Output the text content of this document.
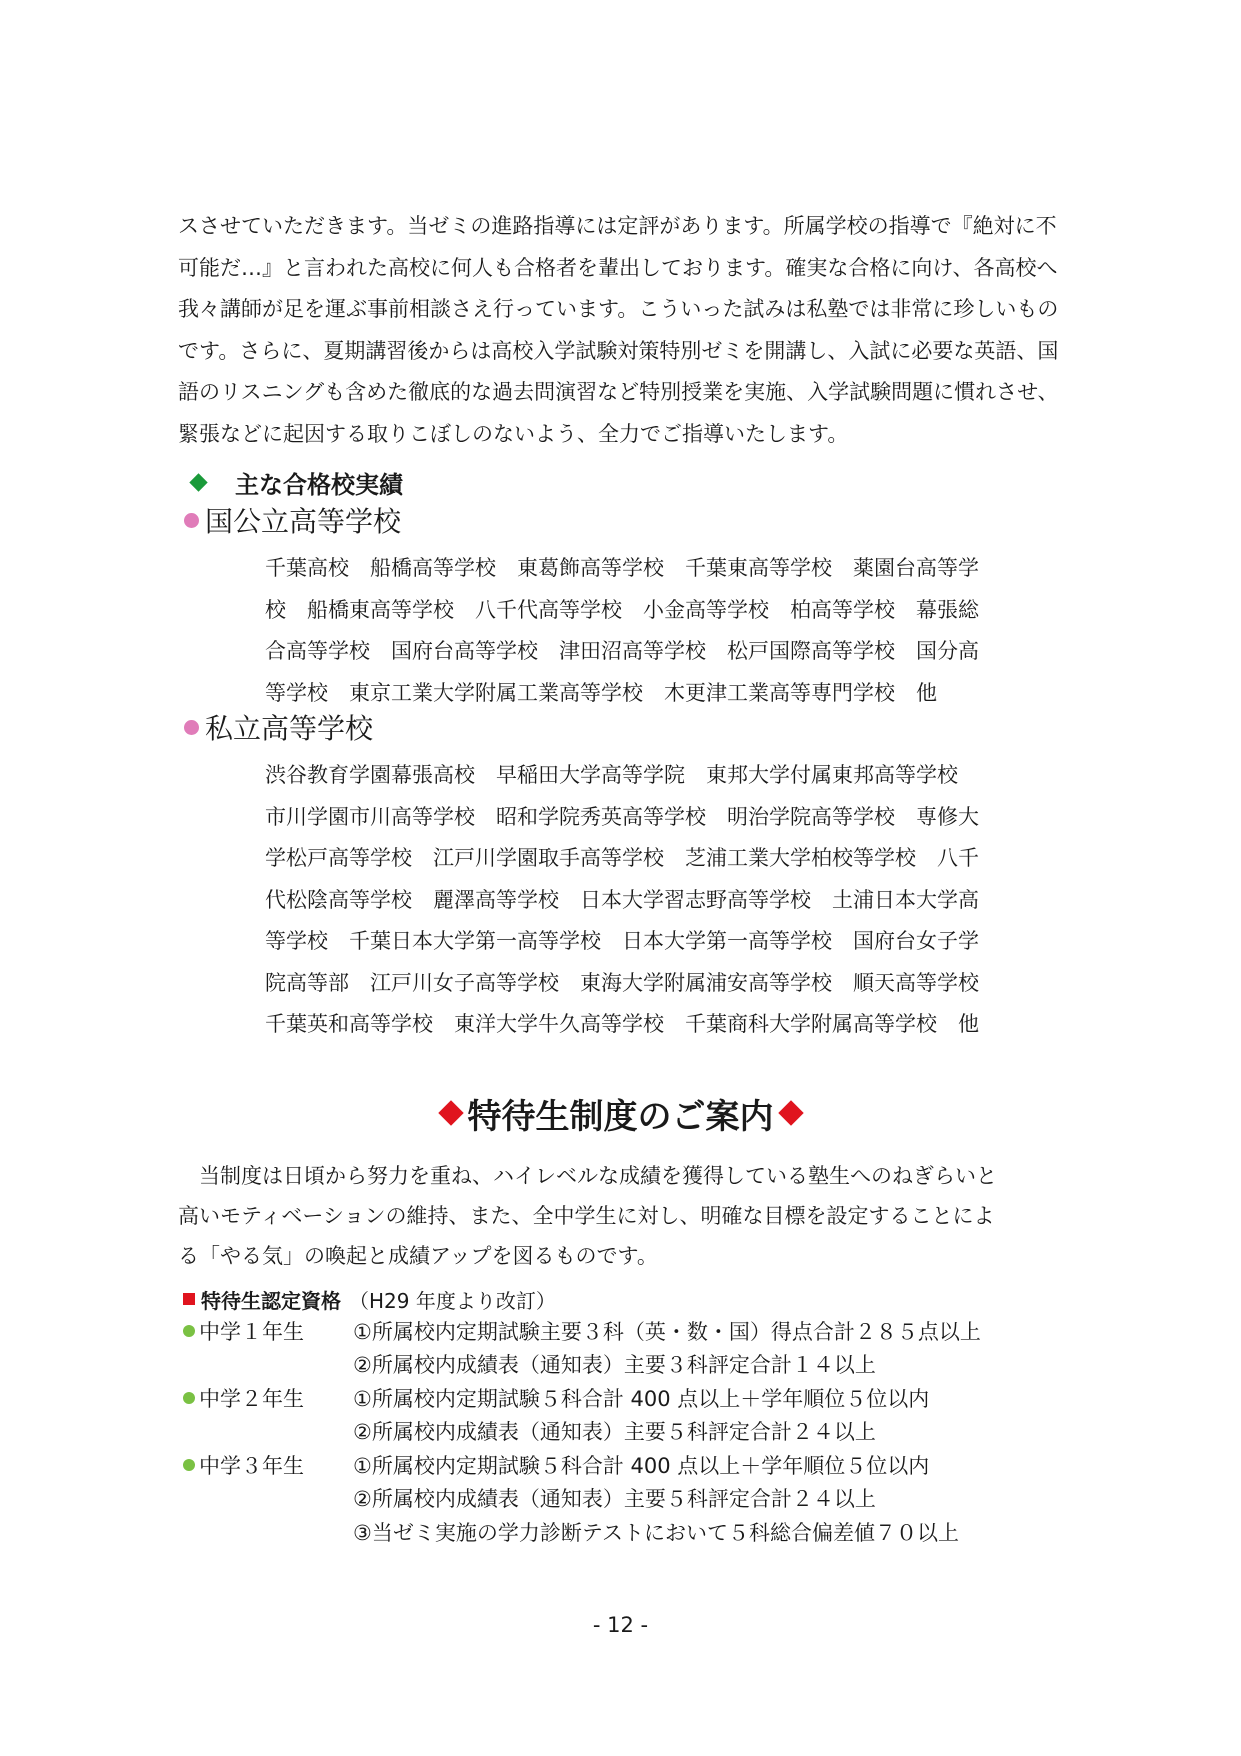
スさせていただきます。当ゼミの進路指導には定評があります。所属学校の指導で『絶対に不

可能だ…』と言われた高校に何人も合格者を輩出しております。確実な合格に向け、各高校へ

我々講師が足を運ぶ事前相談さえ行っています。こういった試みは私塾では非常に珍しいもの

です。さらに、夏期講習後からは高校入学試験対策特別ゼミを開講し、入試に必要な英語、国

語のリスニングも含めた徹底的な過去問演習など特別授業を実施、入学試験問題に慣れさせ、

緊張などに起因する取りこぼしのないよう、全力でご指導いたします。

主な合格校実績
国公立高等学校

千葉高校　船橋高等学校　東葛飾高等学校　千葉東高等学校　薬園台高等学

校　船橋東高等学校　八千代高等学校　小金高等学校　柏高等学校　幕張総

合高等学校　国府台高等学校　津田沼高等学校　松戸国際高等学校　国分高

等学校　東京工業大学附属工業高等学校　木更津工業高等専門学校　他

私立高等学校

渋谷教育学園幕張高校　早稲田大学高等学院　東邦大学付属東邦高等学校

市川学園市川高等学校　昭和学院秀英高等学校　明治学院高等学校　専修大

学松戸高等学校　江戸川学園取手高等学校　芝浦工業大学柏校等学校　八千

代松陰高等学校　麗澤高等学校　日本大学習志野高等学校　土浦日本大学高

等学校　千葉日本大学第一高等学校　日本大学第一高等学校　国府台女子学

院高等部　江戸川女子高等学校　東海大学附属浦安高等学校　順天高等学校

千葉英和高等学校　東洋大学牛久高等学校　千葉商科大学附属高等学校　他

特待生制度のご案内

　当制度は日頃から努力を重ね、ハイレベルな成績を獲得している塾生へのねぎらいと

高いモティベーションの維持、また、全中学生に対し、明確な目標を設定することによ

る「やる気」の喚起と成績アップを図るものです。

特待生認定資格 （H29 年度より改訂）
中学１年生 ①所属校内定期試験主要３科（英・数・国）得点合計２８５点以上
②所属校内成績表（通知表）主要３科評定合計１４以上
中学２年生 ①所属校内定期試験５科合計 400 点以上＋学年順位５位以内
②所属校内成績表（通知表）主要５科評定合計２４以上
中学３年生 ①所属校内定期試験５科合計 400 点以上＋学年順位５位以内
②所属校内成績表（通知表）主要５科評定合計２４以上
③当ゼミ実施の学力診断テストにおいて５科総合偏差値７０以上
- 12 -
